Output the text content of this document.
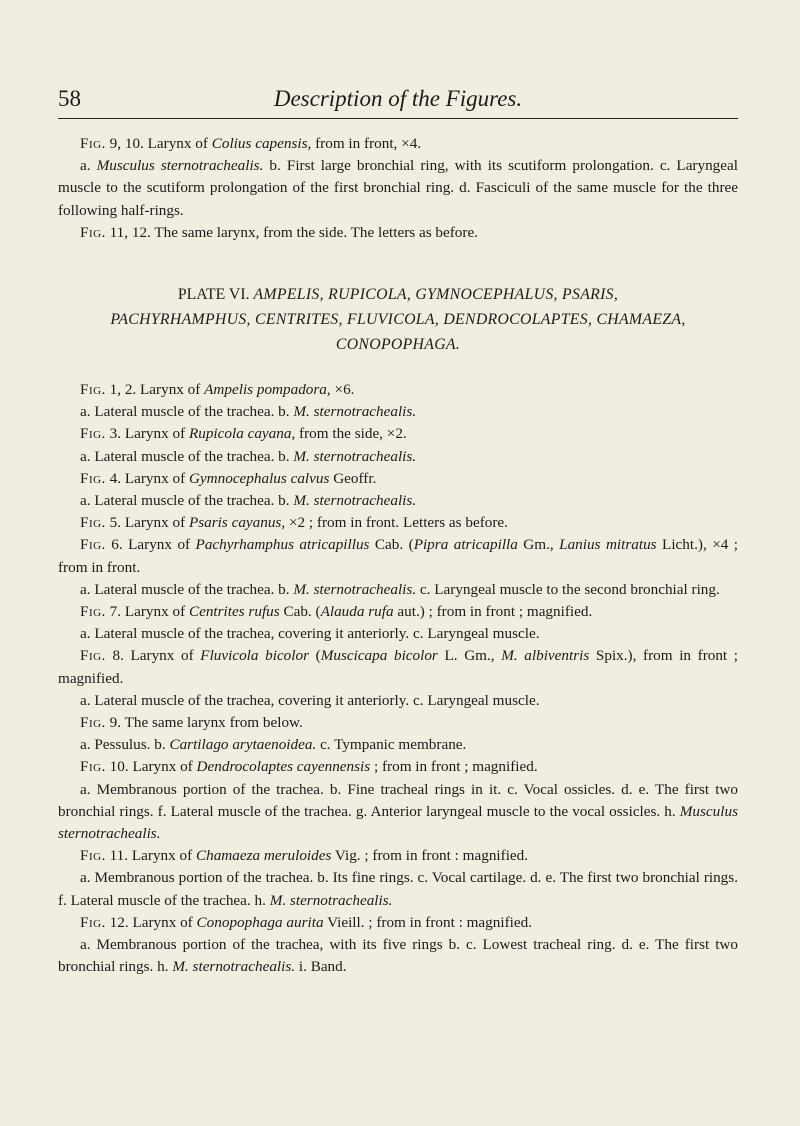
58	Description of the Figures.

Fig. 9, 10. Larynx of Colius capensis, from in front, ×4.

a. Musculus sternotrachealis. b. First large bronchial ring, with its scutiform prolongation. c. Laryngeal muscle to the scutiform prolongation of the first bronchial ring. d. Fasciculi of the same muscle for the three following half-rings.

Fig. 11, 12. The same larynx, from the side. The letters as before.

PLATE VI. AMPELIS, RUPICOLA, GYMNOCEPHALUS, PSARIS,
PACHYRHAMPHUS, CENTRITES, FLUVICOLA, DENDROCOLAPTES, CHAMAEZA,
CONOPOPHAGA.

Fig. 1, 2. Larynx of Ampelis pompadora, ×6.

a. Lateral muscle of the trachea. b. M. sternotrachealis.

Fig. 3. Larynx of Rupicola cayana, from the side, ×2.

a. Lateral muscle of the trachea. b. M. sternotrachealis.

Fig. 4. Larynx of Gymnocephalus calvus Geoffr.

a. Lateral muscle of the trachea. b. M. sternotrachealis.

Fig. 5. Larynx of Psaris cayanus, ×2 ; from in front. Letters as before.

Fig. 6. Larynx of Pachyrhamphus atricapillus Cab. (Pipra atricapilla Gm., Lanius mitratus Licht.), ×4 ; from in front.

a. Lateral muscle of the trachea. b. M. sternotrachealis. c. Laryngeal muscle to the second bronchial ring.

Fig. 7. Larynx of Centrites rufus Cab. (Alauda rufa aut.) ; from in front ; magnified.

a. Lateral muscle of the trachea, covering it anteriorly. c. Laryngeal muscle.

Fig. 8. Larynx of Fluvicola bicolor (Muscicapa bicolor L. Gm., M. albiventris Spix.), from in front ; magnified.

a. Lateral muscle of the trachea, covering it anteriorly. c. Laryngeal muscle.

Fig. 9. The same larynx from below.

a. Pessulus. b. Cartilago arytaenoidea. c. Tympanic membrane.

Fig. 10. Larynx of Dendrocolaptes cayennensis ; from in front ; magnified.

a. Membranous portion of the trachea. b. Fine tracheal rings in it. c. Vocal ossicles. d. e. The first two bronchial rings. f. Lateral muscle of the trachea. g. Anterior laryngeal muscle to the vocal ossicles. h. Musculus sternotrachealis.

Fig. 11. Larynx of Chamaeza meruloides Vig. ; from in front : magnified.

a. Membranous portion of the trachea. b. Its fine rings. c. Vocal cartilage. d. e. The first two bronchial rings. f. Lateral muscle of the trachea. h. M. sternotrachealis.

Fig. 12. Larynx of Conopophaga aurita Vieill. ; from in front : magnified.

a. Membranous portion of the trachea, with its five rings b. c. Lowest tracheal ring. d. e. The first two bronchial rings. h. M. sternotrachealis. i. Band.
